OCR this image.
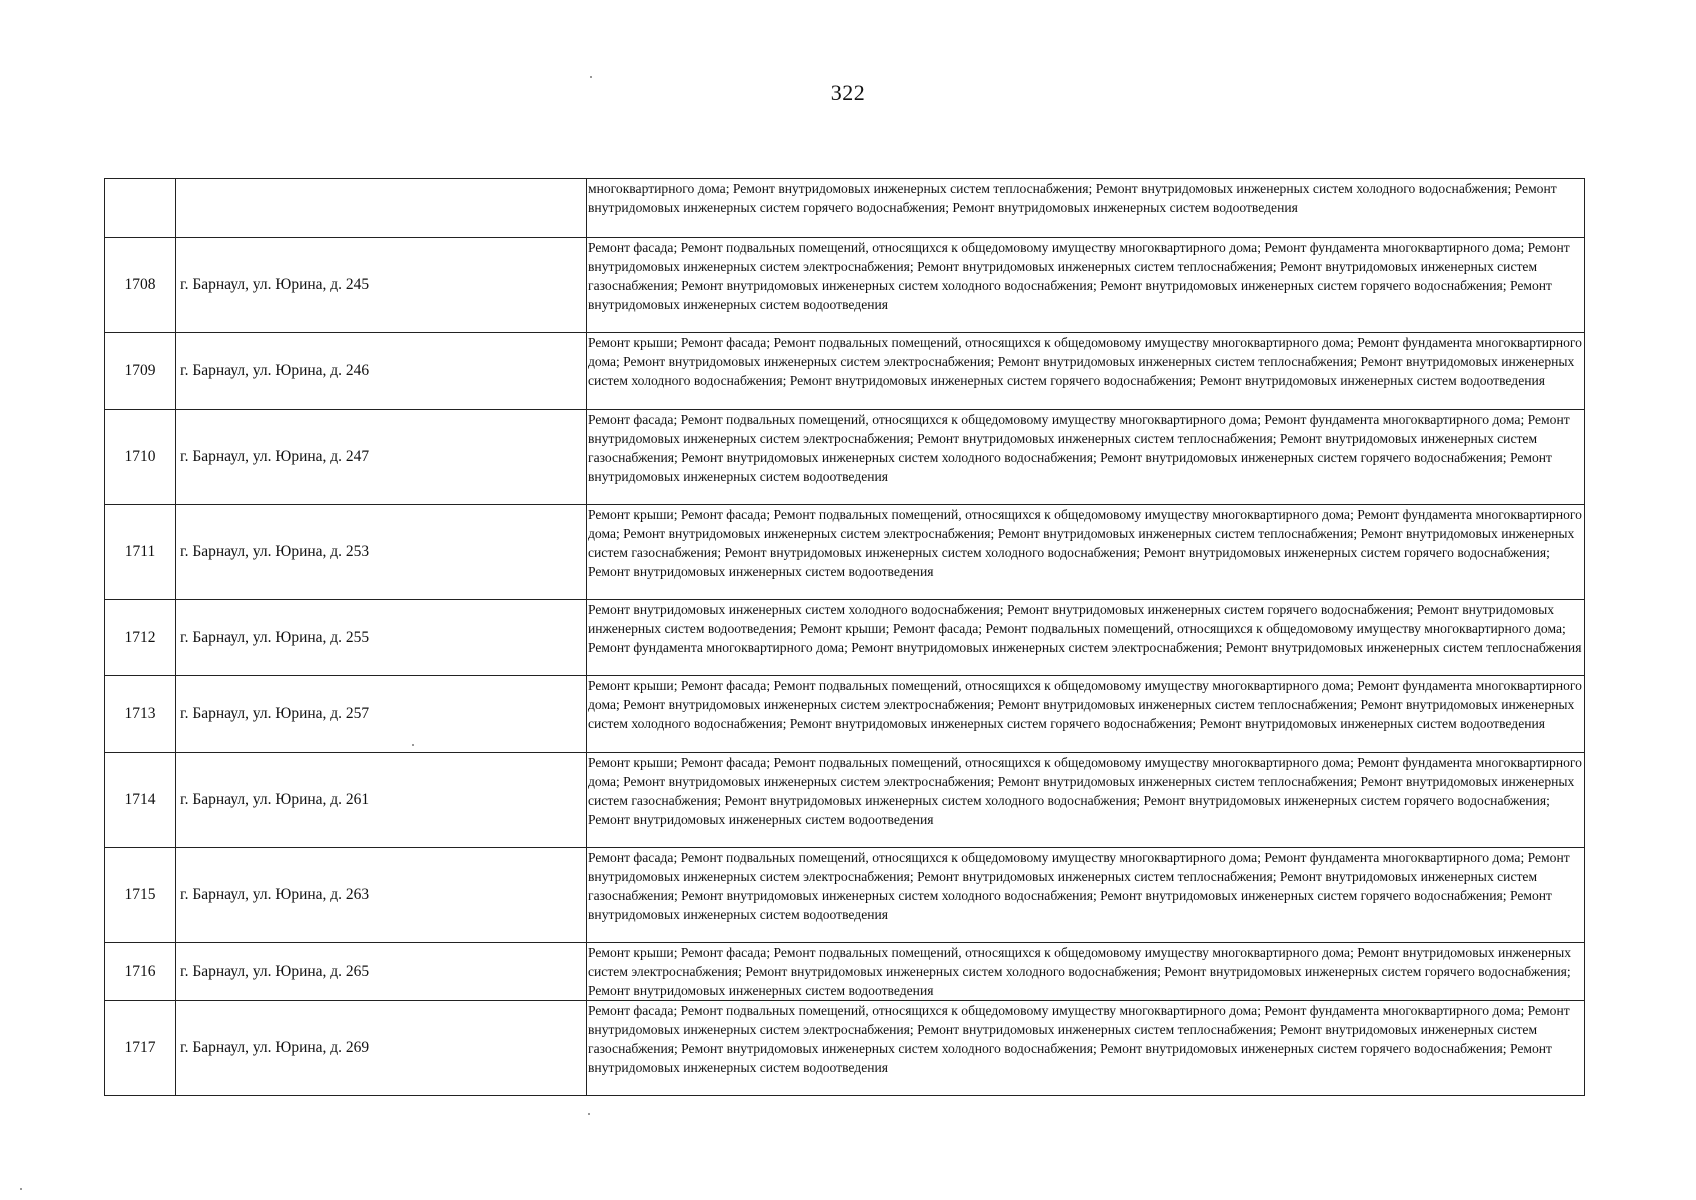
322
		многоквартирного дома; Ремонт внутридомовых инженерных систем теплоснабжения; Ремонт внутридомовых инженерных систем холодного водоснабжения; Ремонт внутридомовых инженерных систем горячего водоснабжения; Ремонт внутридомовых инженерных систем водоотведения
1708	г. Барнаул, ул. Юрина, д. 245	Ремонт фасада; Ремонт подвальных помещений, относящихся к общедомовому имуществу многоквартирного дома; Ремонт фундамента многоквартирного дома; Ремонт внутридомовых инженерных систем электроснабжения; Ремонт внутридомовых инженерных систем теплоснабжения; Ремонт внутридомовых инженерных систем газоснабжения; Ремонт внутридомовых инженерных систем холодного водоснабжения; Ремонт внутридомовых инженерных систем горячего водоснабжения; Ремонт внутридомовых инженерных систем водоотведения
1709	г. Барнаул, ул. Юрина, д. 246	Ремонт крыши; Ремонт фасада; Ремонт подвальных помещений, относящихся к общедомовому имуществу многоквартирного дома; Ремонт фундамента многоквартирного дома; Ремонт внутридомовых инженерных систем электроснабжения; Ремонт внутридомовых инженерных систем теплоснабжения; Ремонт внутридомовых инженерных систем холодного водоснабжения; Ремонт внутридомовых инженерных систем горячего водоснабжения; Ремонт внутридомовых инженерных систем водоотведения
1710	г. Барнаул, ул. Юрина, д. 247	Ремонт фасада; Ремонт подвальных помещений, относящихся к общедомовому имуществу многоквартирного дома; Ремонт фундамента многоквартирного дома; Ремонт внутридомовых инженерных систем электроснабжения; Ремонт внутридомовых инженерных систем теплоснабжения; Ремонт внутридомовых инженерных систем газоснабжения; Ремонт внутридомовых инженерных систем холодного водоснабжения; Ремонт внутридомовых инженерных систем горячего водоснабжения; Ремонт внутридомовых инженерных систем водоотведения
1711	г. Барнаул, ул. Юрина, д. 253	Ремонт крыши; Ремонт фасада; Ремонт подвальных помещений, относящихся к общедомовому имуществу многоквартирного дома; Ремонт фундамента многоквартирного дома; Ремонт внутридомовых инженерных систем электроснабжения; Ремонт внутридомовых инженерных систем теплоснабжения; Ремонт внутридомовых инженерных систем газоснабжения; Ремонт внутридомовых инженерных систем холодного водоснабжения; Ремонт внутридомовых инженерных систем горячего водоснабжения; Ремонт внутридомовых инженерных систем водоотведения
1712	г. Барнаул, ул. Юрина, д. 255	Ремонт внутридомовых инженерных систем холодного водоснабжения; Ремонт внутридомовых инженерных систем горячего водоснабжения; Ремонт внутридомовых инженерных систем водоотведения; Ремонт крыши; Ремонт фасада; Ремонт подвальных помещений, относящихся к общедомовому имуществу многоквартирного дома; Ремонт фундамента многоквартирного дома; Ремонт внутридомовых инженерных систем электроснабжения; Ремонт внутридомовых инженерных систем теплоснабжения
1713	г. Барнаул, ул. Юрина, д. 257	Ремонт крыши; Ремонт фасада; Ремонт подвальных помещений, относящихся к общедомовому имуществу многоквартирного дома; Ремонт фундамента многоквартирного дома; Ремонт внутридомовых инженерных систем электроснабжения; Ремонт внутридомовых инженерных систем теплоснабжения; Ремонт внутридомовых инженерных систем холодного водоснабжения; Ремонт внутридомовых инженерных систем горячего водоснабжения; Ремонт внутридомовых инженерных систем водоотведения
1714	г. Барнаул, ул. Юрина, д. 261	Ремонт крыши; Ремонт фасада; Ремонт подвальных помещений, относящихся к общедомовому имуществу многоквартирного дома; Ремонт фундамента многоквартирного дома; Ремонт внутридомовых инженерных систем электроснабжения; Ремонт внутридомовых инженерных систем теплоснабжения; Ремонт внутридомовых инженерных систем газоснабжения; Ремонт внутридомовых инженерных систем холодного водоснабжения; Ремонт внутридомовых инженерных систем горячего водоснабжения; Ремонт внутридомовых инженерных систем водоотведения
1715	г. Барнаул, ул. Юрина, д. 263	Ремонт фасада; Ремонт подвальных помещений, относящихся к общедомовому имуществу многоквартирного дома; Ремонт фундамента многоквартирного дома; Ремонт внутридомовых инженерных систем электроснабжения; Ремонт внутридомовых инженерных систем теплоснабжения; Ремонт внутридомовых инженерных систем газоснабжения; Ремонт внутридомовых инженерных систем холодного водоснабжения; Ремонт внутридомовых инженерных систем горячего водоснабжения; Ремонт внутридомовых инженерных систем водоотведения
1716	г. Барнаул, ул. Юрина, д. 265	Ремонт крыши; Ремонт фасада; Ремонт подвальных помещений, относящихся к общедомовому имуществу многоквартирного дома; Ремонт внутридомовых инженерных систем электроснабжения; Ремонт внутридомовых инженерных систем холодного водоснабжения; Ремонт внутридомовых инженерных систем горячего водоснабжения; Ремонт внутридомовых инженерных систем водоотведения
1717	г. Барнаул, ул. Юрина, д. 269	Ремонт фасада; Ремонт подвальных помещений, относящихся к общедомовому имуществу многоквартирного дома; Ремонт фундамента многоквартирного дома; Ремонт внутридомовых инженерных систем электроснабжения; Ремонт внутридомовых инженерных систем теплоснабжения; Ремонт внутридомовых инженерных систем газоснабжения; Ремонт внутридомовых инженерных систем холодного водоснабжения; Ремонт внутридомовых инженерных систем горячего водоснабжения; Ремонт внутридомовых инженерных систем водоотведения
